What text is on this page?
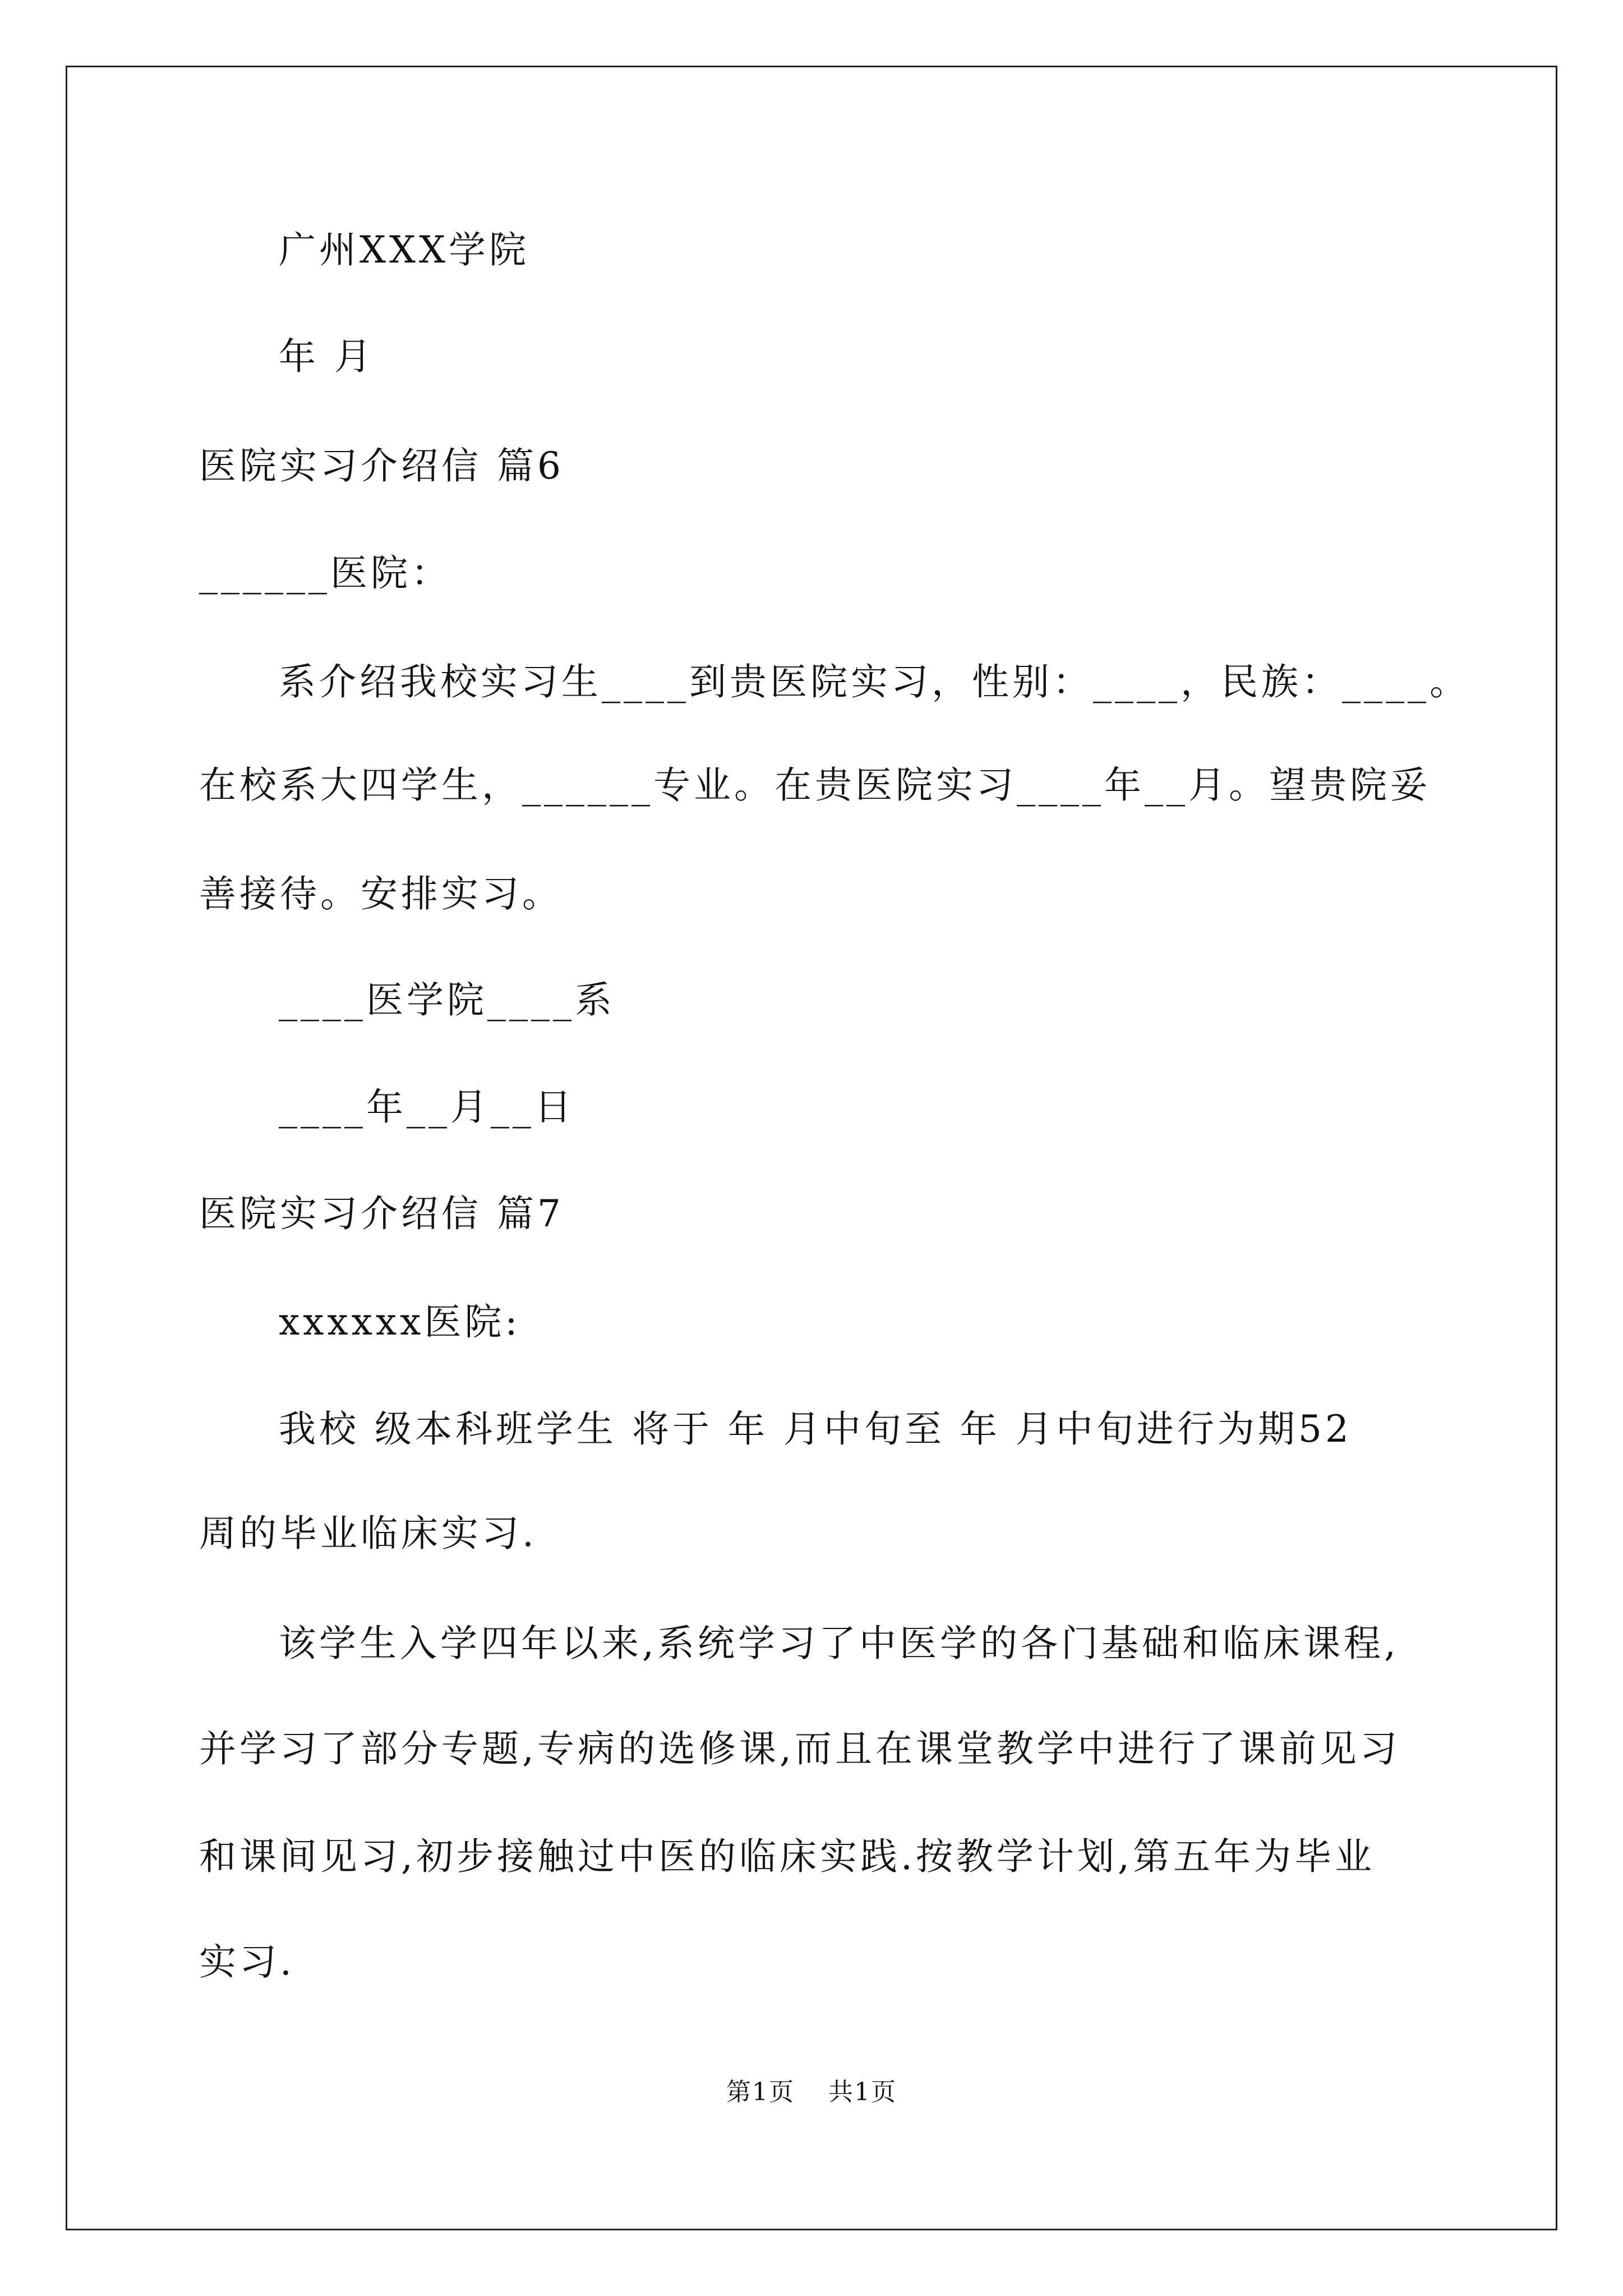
广州XXX学院
年 月
医院实习介绍信 篇6
______医院：
系介绍我校实习生____到贵医院实习，性别：____，民族：____。
在校系大四学生，______专业。在贵医院实习____年__月。望贵院妥
善接待。安排实习。
____医学院____系
____年__月__日
医院实习介绍信 篇7
xxxxxx医院:
我校 级本科班学生 将于 年 月中旬至 年 月中旬进行为期52
周的毕业临床实习.
该学生入学四年以来,系统学习了中医学的各门基础和临床课程,
并学习了部分专题,专病的选修课,而且在课堂教学中进行了课前见习
和课间见习,初步接触过中医的临床实践.按教学计划,第五年为毕业
实习.
第1页 共1页
